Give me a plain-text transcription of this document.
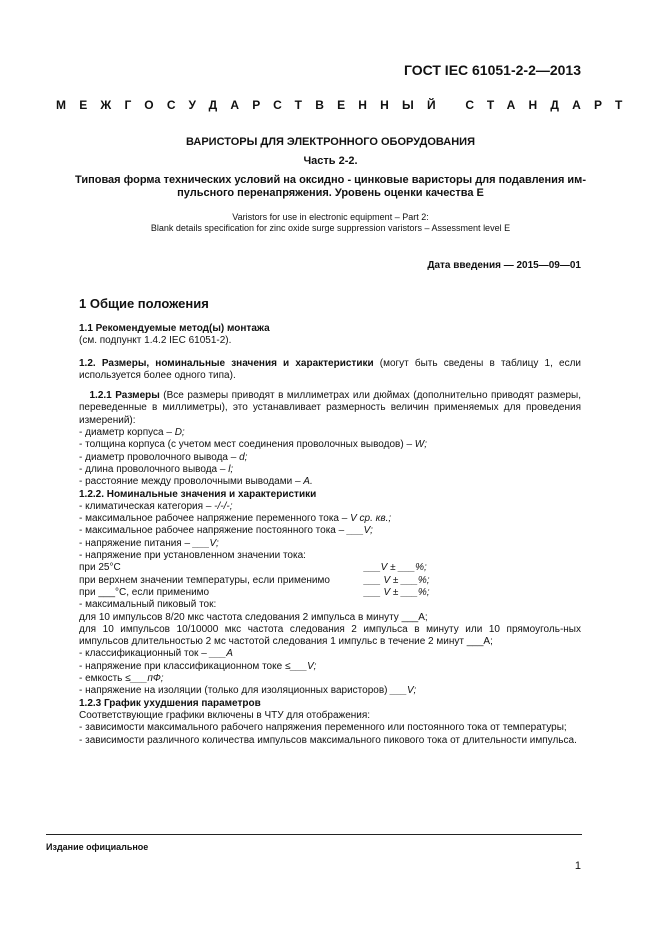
ГОСТ IEC 61051-2-2—2013
МЕЖГОСУДАРСТВЕННЫЙ СТАНДАРТ
ВАРИСТОРЫ ДЛЯ ЭЛЕКТРОННОГО ОБОРУДОВАНИЯ
Часть 2-2.
Типовая форма технических условий на оксидно - цинковые варисторы для подавления им-
пульсного перенапряжения. Уровень оценки качества Е
Varistors for use in electronic equipment – Part 2:
Blank details specification for zinc oxide surge suppression varistors – Assessment level E
Дата введения — 2015—09—01
1 Общие положения

1.1 Рекомендуемые метод(ы) монтажа

(см. подпункт 1.4.2 IEC 61051-2).

1.2. Размеры, номинальные значения и характеристики (могут быть сведены в таблицу 1, если используется более одного типа).

1.2.1 Размеры (Все размеры приводят в миллиметрах или дюймах (дополнительно приводят размеры, переведенные в миллиметры), это устанавливает размерность величин применяемых для проведения измерений):

- диаметр корпуса – D;

- толщина корпуса (с учетом мест соединения проволочных выводов) – W;

- диаметр проволочного вывода – d;

- длина проволочного вывода – l;

- расстояние между проволочными выводами – A.

1.2.2. Номинальные значения и характеристики

- климатическая категория – -/-/-;

- максимальное рабочее напряжение переменного тока – V ср. кв.;

- максимальное рабочее напряжение постоянного тока – ___V;

- напряжение питания – ___V;

- напряжение при установленном значении тока:

при 25°С	___V ± ___%;
при верхнем значении температуры, если применимо	___ V ± ___%;
при ___°С, если применимо	___ V ± ___%;

- максимальный пиковый ток:

для 10 импульсов 8/20 мкс частота следования 2 импульса в минуту ___А;

для 10 импульсов 10/10000 мкс частота следования 2 импульса в минуту или 10 прямоуголь-ных импульсов длительностью 2 мс частотой следования 1 импульс в течение 2 минут ___А;

- классификационный ток – ___А

- напряжение при классификационном токе ≤___V;

- емкость ≤___пФ;

- напряжение на изоляции (только для изоляционных варисторов) ___V;

1.2.3 График ухудшения параметров

Соответствующие графики включены в ЧТУ для отображения:

- зависимости максимального рабочего напряжения переменного или постоянного тока от температуры;

- зависимости различного количества импульсов максимального пикового тока от длительности импульса.

Издание официальное
1
